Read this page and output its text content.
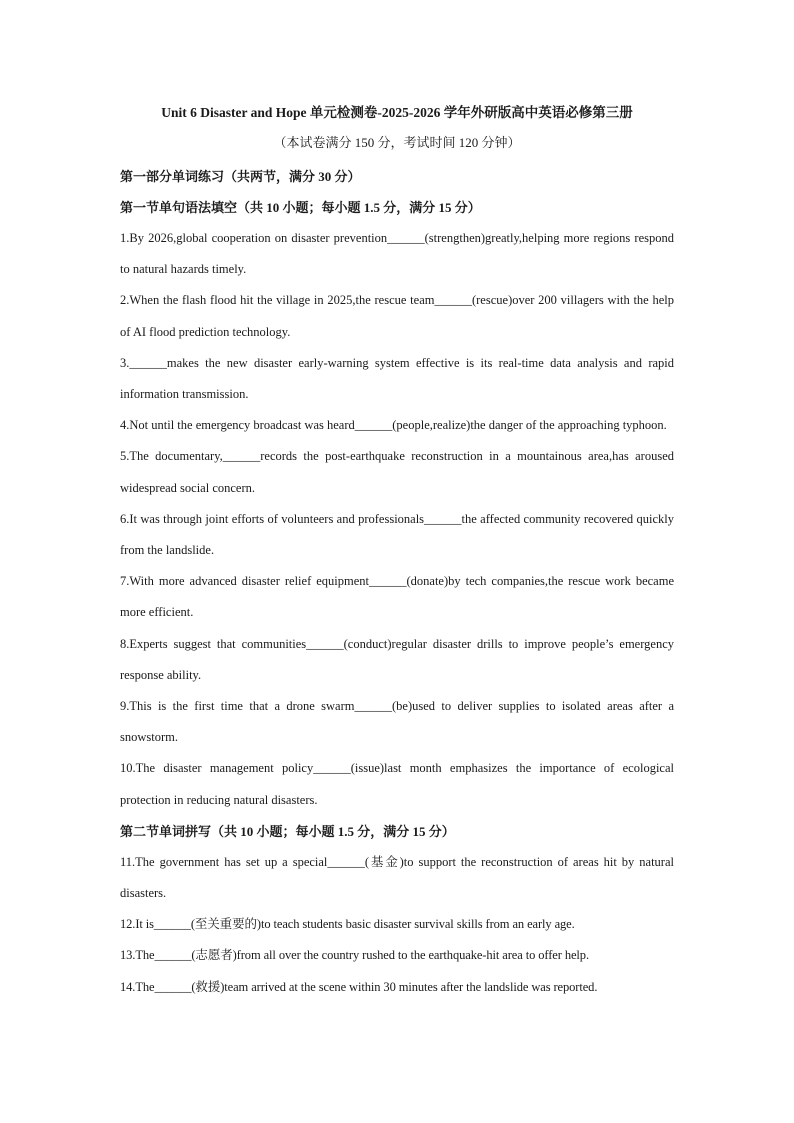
Unit 6 Disaster and Hope 单元检测卷-2025-2026 学年外研版高中英语必修第三册
（本试卷满分 150 分，考试时间 120 分钟）
第一部分单词练习（共两节，满分 30 分）
第一节单句语法填空（共 10 小题；每小题 1.5 分，满分 15 分）
1.By 2026,global cooperation on disaster prevention______(strengthen)greatly,helping more regions respond to natural hazards timely.
2.When the flash flood hit the village in 2025,the rescue team______(rescue)over 200 villagers with the help of AI flood prediction technology.
3.______makes the new disaster early-warning system effective is its real-time data analysis and rapid information transmission.
4.Not until the emergency broadcast was heard______(people,realize)the danger of the approaching typhoon.
5.The documentary,______records the post-earthquake reconstruction in a mountainous area,has aroused widespread social concern.
6.It was through joint efforts of volunteers and professionals______the affected community recovered quickly from the landslide.
7.With more advanced disaster relief equipment______(donate)by tech companies,the rescue work became more efficient.
8.Experts suggest that communities______(conduct)regular disaster drills to improve people’s emergency response ability.
9.This is the first time that a drone swarm______(be)used to deliver supplies to isolated areas after a snowstorm.
10.The disaster management policy______(issue)last month emphasizes the importance of ecological protection in reducing natural disasters.
第二节单词拼写（共 10 小题；每小题 1.5 分，满分 15 分）
11.The government has set up a special______(基金)to support the reconstruction of areas hit by natural disasters.
12.It is______(至关重要的)to teach students basic disaster survival skills from an early age.
13.The______(志愿者)from all over the country rushed to the earthquake-hit area to offer help.
14.The______(救援)team arrived at the scene within 30 minutes after the landslide was reported.
